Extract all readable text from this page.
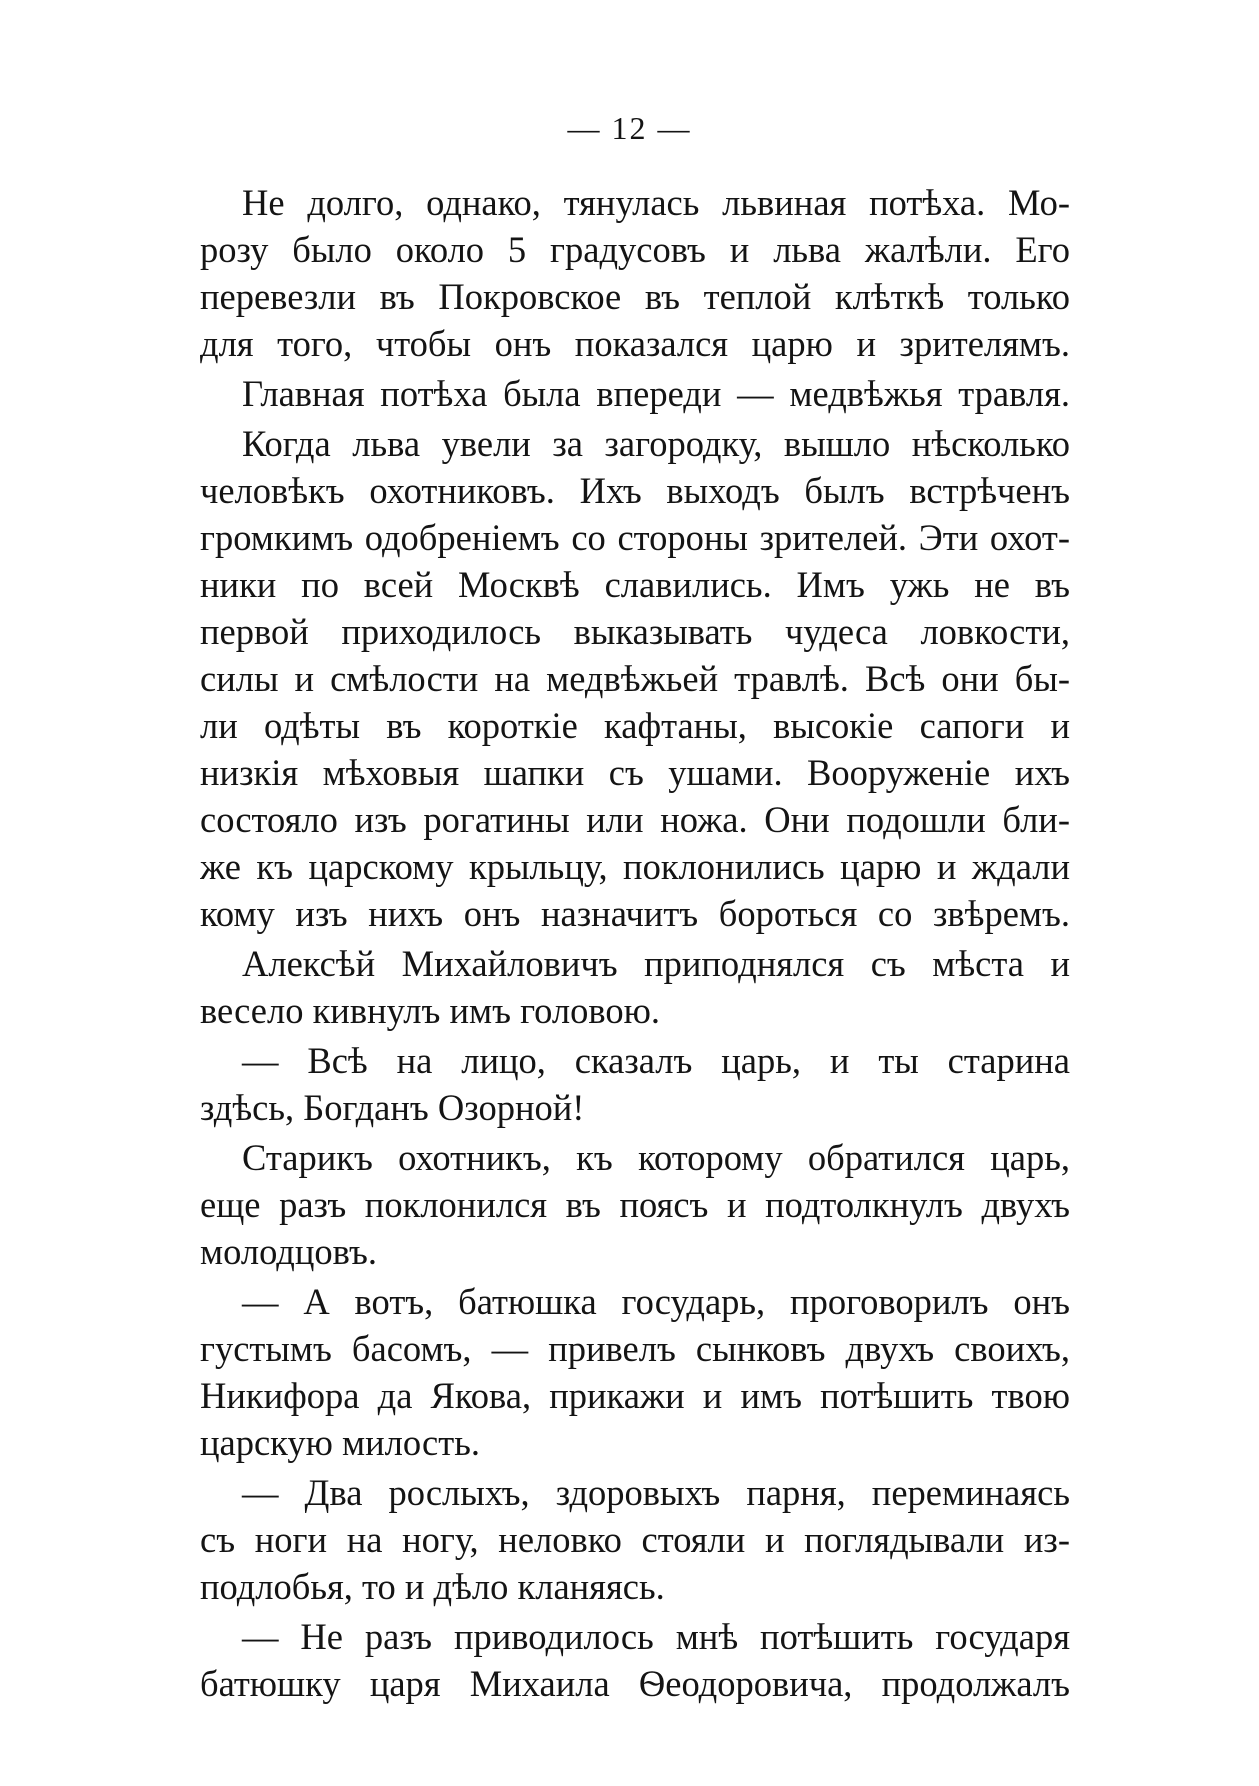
— 12 —
Не долго, однако, тянулась львиная потѣха. Мо-
розу было около 5 градусовъ и льва жалѣли. Его
перевезли въ Покровское въ теплой клѣткѣ только
для того, чтобы онъ показался царю и зрителямъ.
Главная потѣха была впереди — медвѣжья травля.
Когда льва увели за загородку, вышло нѣсколько
человѣкъ охотниковъ. Ихъ выходъ былъ встрѣченъ
громкимъ одобреніемъ со стороны зрителей. Эти охот-
ники по всей Москвѣ славились. Имъ ужь не въ
первой приходилось выказывать чудеса ловкости,
силы и смѣлости на медвѣжьей травлѣ. Всѣ они бы-
ли одѣты въ короткіе кафтаны, высокіе сапоги и
низкія мѣховыя шапки съ ушами. Вооруженіе ихъ
состояло изъ рогатины или ножа. Они подошли бли-
же къ царскому крыльцу, поклонились царю и ждали
кому изъ нихъ онъ назначитъ бороться со звѣремъ.
Алексѣй Михайловичъ приподнялся съ мѣста и
весело кивнулъ имъ головою.
— Всѣ на лицо, сказалъ царь, и ты старина
здѣсь, Богданъ Озорной!
Старикъ охотникъ, къ которому обратился царь,
еще разъ поклонился въ поясъ и подтолкнулъ двухъ
молодцовъ.
— А вотъ, батюшка государь, проговорилъ онъ
густымъ басомъ, — привелъ сынковъ двухъ своихъ,
Никифора да Якова, прикажи и имъ потѣшить твою
царскую милость.
— Два рослыхъ, здоровыхъ парня, переминаясь
съ ноги на ногу, неловко стояли и поглядывали из-
подлобья, то и дѣло кланяясь.
— Не разъ приводилось мнѣ потѣшить государя
батюшку царя Михаила Ѳеодоровича, продолжалъ
